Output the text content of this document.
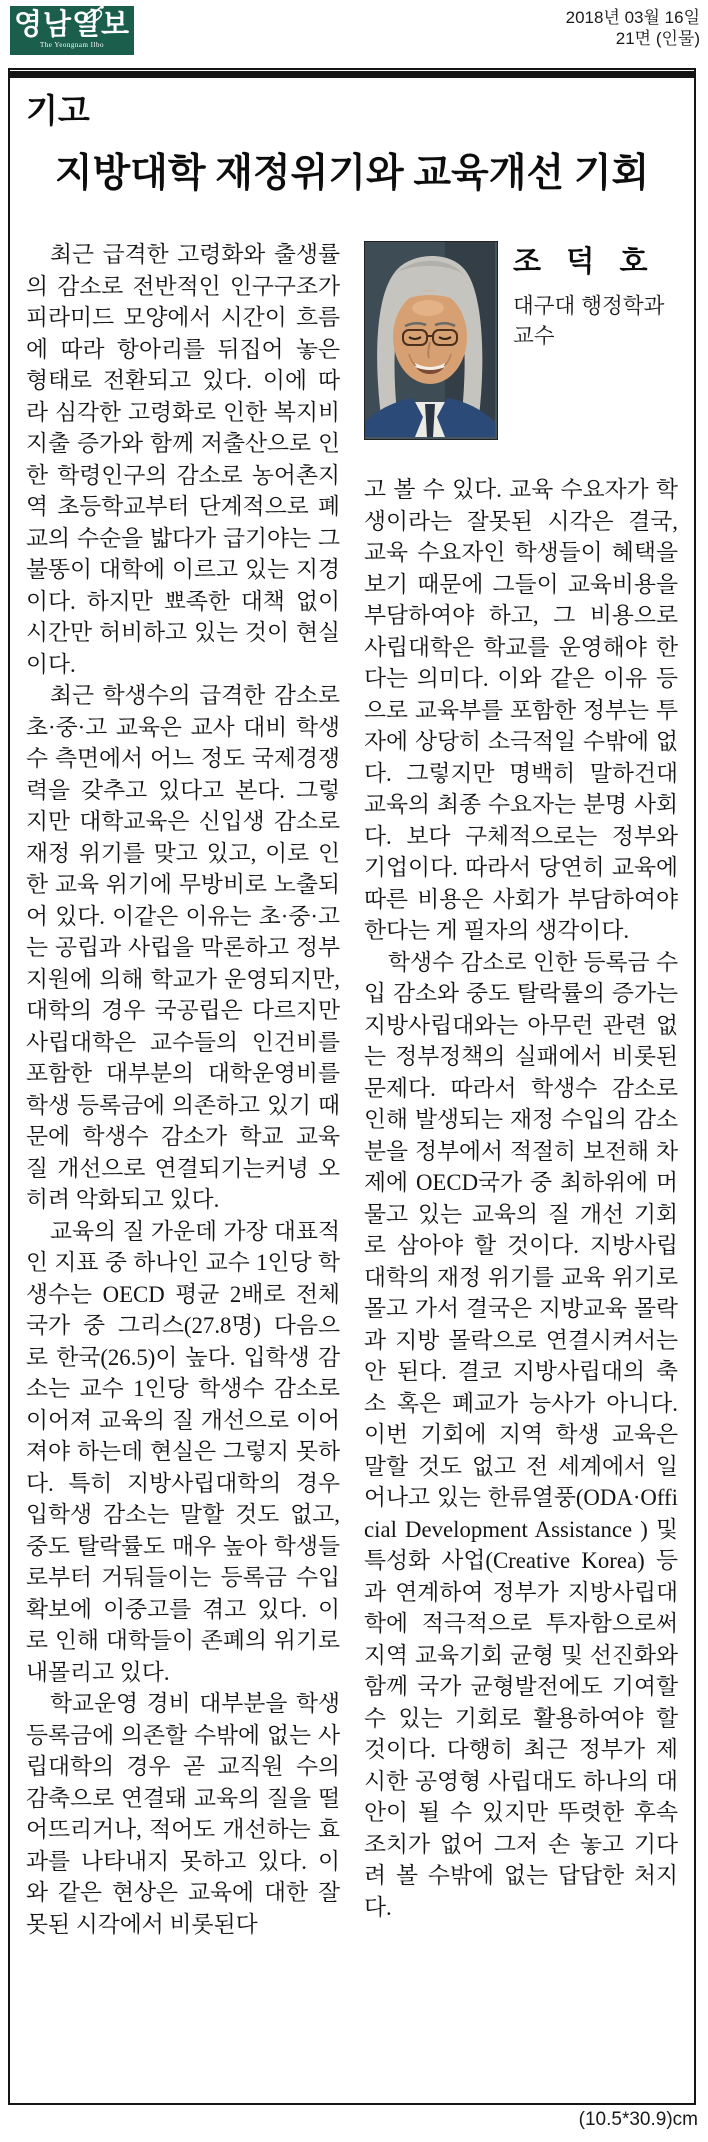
영남일보
The Yeongnam Ilbo
2018년 03월 16일
21면 (인물)
기고
지방대학 재정위기와 교육개선 기회

최근 급격한 고령화와 출생률의 감소로 전반적인 인구구조가 피라미드 모양에서 시간이 흐름에 따라 항아리를 뒤집어 놓은 형태로 전환되고 있다. 이에 따라 심각한 고령화로 인한 복지비 지출 증가와 함께 저출산으로 인한 학령인구의 감소로 농어촌지역 초등학교부터 단계적으로 폐교의 수순을 밟다가 급기야는 그 불똥이 대학에 이르고 있는 지경이다. 하지만 뾰족한 대책 없이 시간만 허비하고 있는 것이 현실이다.

최근 학생수의 급격한 감소로 초·중·고 교육은 교사 대비 학생 수 측면에서 어느 정도 국제경쟁력을 갖추고 있다고 본다. 그렇지만 대학교육은 신입생 감소로 재정 위기를 맞고 있고, 이로 인한 교육 위기에 무방비로 노출되어 있다. 이같은 이유는 초·중·고는 공립과 사립을 막론하고 정부지원에 의해 학교가 운영되지만, 대학의 경우 국공립은 다르지만 사립대학은 교수들의 인건비를 포함한 대부분의 대학운영비를 학생 등록금에 의존하고 있기 때문에 학생수 감소가 학교 교육 질 개선으로 연결되기는커녕 오히려 악화되고 있다.

교육의 질 가운데 가장 대표적인 지표 중 하나인 교수 1인당 학생수는 OECD 평균 2배로 전체 국가 중 그리스(27.8명) 다음으로 한국(26.5)이 높다. 입학생 감소는 교수 1인당 학생수 감소로 이어져 교육의 질 개선으로 이어져야 하는데 현실은 그렇지 못하다. 특히 지방사립대학의 경우 입학생 감소는 말할 것도 없고, 중도 탈락률도 매우 높아 학생들로부터 거둬들이는 등록금 수입 확보에 이중고를 겪고 있다. 이로 인해 대학들이 존폐의 위기로 내몰리고 있다.

학교운영 경비 대부분을 학생 등록금에 의존할 수밖에 없는 사립대학의 경우 곧 교직원 수의 감축으로 연결돼 교육의 질을 떨어뜨리거나, 적어도 개선하는 효과를 나타내지 못하고 있다. 이와 같은 현상은 교육에 대한 잘못된 시각에서 비롯된다

조 덕 호
대구대 행정학과
교수

고 볼 수 있다. 교육 수요자가 학생이라는 잘못된 시각은 결국, 교육 수요자인 학생들이 혜택을 보기 때문에 그들이 교육비용을 부담하여야 하고, 그 비용으로 사립대학은 학교를 운영해야 한다는 의미다. 이와 같은 이유 등으로 교육부를 포함한 정부는 투자에 상당히 소극적일 수밖에 없다. 그렇지만 명백히 말하건대 교육의 최종 수요자는 분명 사회다. 보다 구체적으로는 정부와 기업이다. 따라서 당연히 교육에 따른 비용은 사회가 부담하여야 한다는 게 필자의 생각이다.

학생수 감소로 인한 등록금 수입 감소와 중도 탈락률의 증가는 지방사립대와는 아무런 관련 없는 정부정책의 실패에서 비롯된 문제다. 따라서 학생수 감소로 인해 발생되는 재정 수입의 감소분을 정부에서 적절히 보전해 차제에 OECD국가 중 최하위에 머물고 있는 교육의 질 개선 기회로 삼아야 할 것이다. 지방사립대학의 재정 위기를 교육 위기로 몰고 가서 결국은 지방교육 몰락과 지방 몰락으로 연결시켜서는 안 된다. 결코 지방사립대의 축소 혹은 폐교가 능사가 아니다. 이번 기회에 지역 학생 교육은 말할 것도 없고 전 세계에서 일어나고 있는 한류열풍(ODA·Official Development Assistance ) 및 특성화 사업(Creative Korea) 등과 연계하여 정부가 지방사립대학에 적극적으로 투자함으로써 지역 교육기회 균형 및 선진화와 함께 국가 균형발전에도 기여할 수 있는 기회로 활용하여야 할 것이다. 다행히 최근 정부가 제시한 공영형 사립대도 하나의 대안이 될 수 있지만 뚜렷한 후속조치가 없어 그저 손 놓고 기다려 볼 수밖에 없는 답답한 처지다.

(10.5*30.9)cm
